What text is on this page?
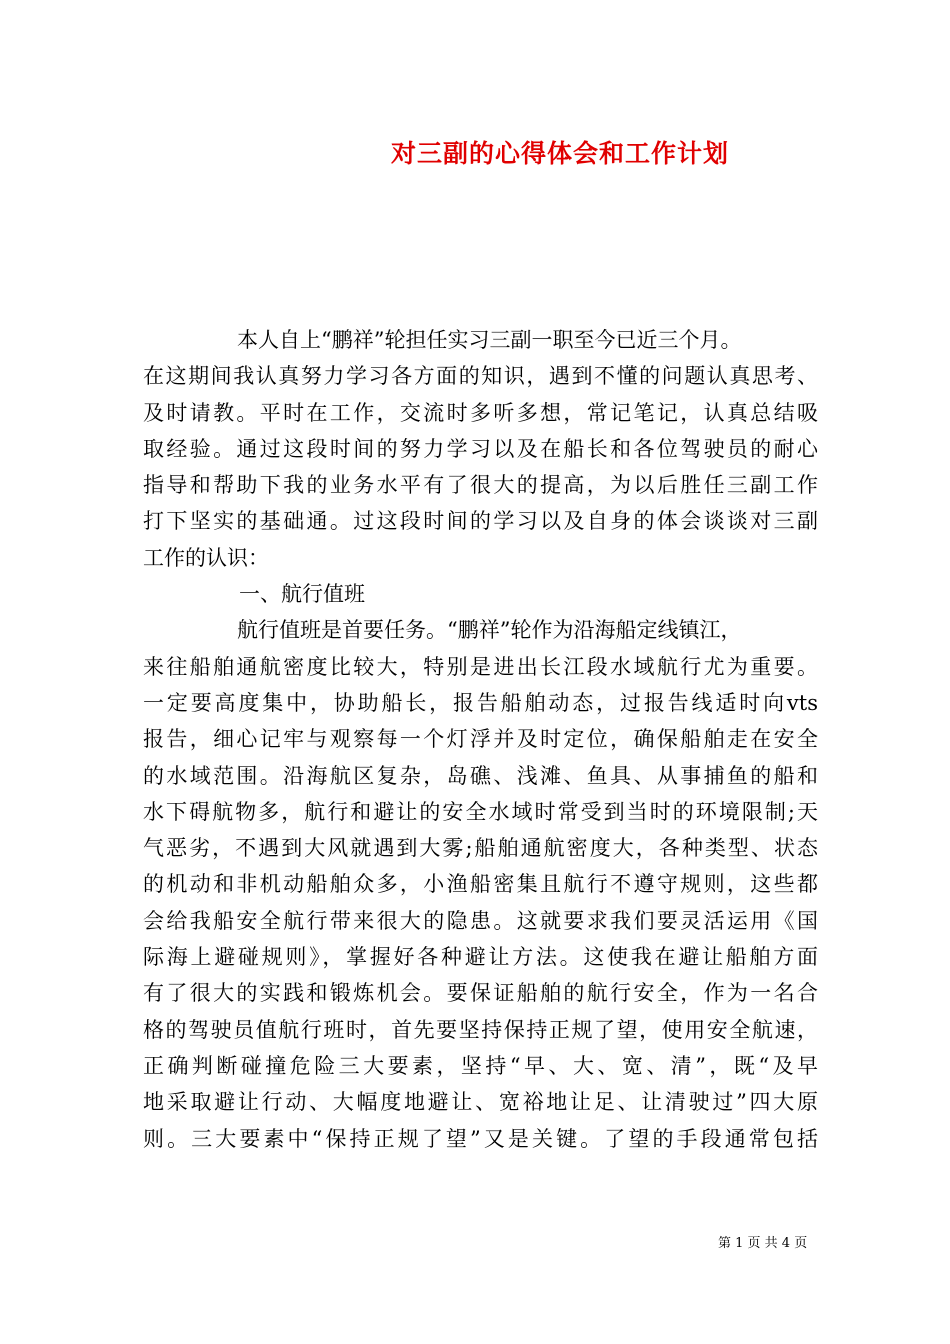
对三副的心得体会和工作计划
本人自上“鹏祥”轮担任实习三副一职至今已近三个月。
在这期间我认真努力学习各方面的知识，遇到不懂的问题认真思考、
及时请教。平时在工作，交流时多听多想，常记笔记，认真总结吸
取经验。通过这段时间的努力学习以及在船长和各位驾驶员的耐心
指导和帮助下我的业务水平有了很大的提高，为以后胜任三副工作
打下坚实的基础通。过这段时间的学习以及自身的体会谈谈对三副
工作的认识：
一、航行值班
航行值班是首要任务。“鹏祥”轮作为沿海船定线镇江，
来往船舶通航密度比较大，特别是进出长江段水域航行尤为重要。
一定要高度集中，协助船长，报告船舶动态，过报告线适时向vts
报告，细心记牢与观察每一个灯浮并及时定位，确保船舶走在安全
的水域范围。沿海航区复杂，岛礁、浅滩、鱼具、从事捕鱼的船和
水下碍航物多，航行和避让的安全水域时常受到当时的环境限制;天
气恶劣，不遇到大风就遇到大雾;船舶通航密度大，各种类型、状态
的机动和非机动船舶众多，小渔船密集且航行不遵守规则，这些都
会给我船安全航行带来很大的隐患。这就要求我们要灵活运用《国
际海上避碰规则》，掌握好各种避让方法。这使我在避让船舶方面
有了很大的实践和锻炼机会。要保证船舶的航行安全，作为一名合
格的驾驶员值航行班时，首先要坚持保持正规了望，使用安全航速，
正确判断碰撞危险三大要素，坚持“早、大、宽、清”，既“及早
地采取避让行动、大幅度地避让、宽裕地让足、让清驶过”四大原
则。三大要素中“保持正规了望”又是关键。了望的手段通常包括
第 1 页 共 4 页
